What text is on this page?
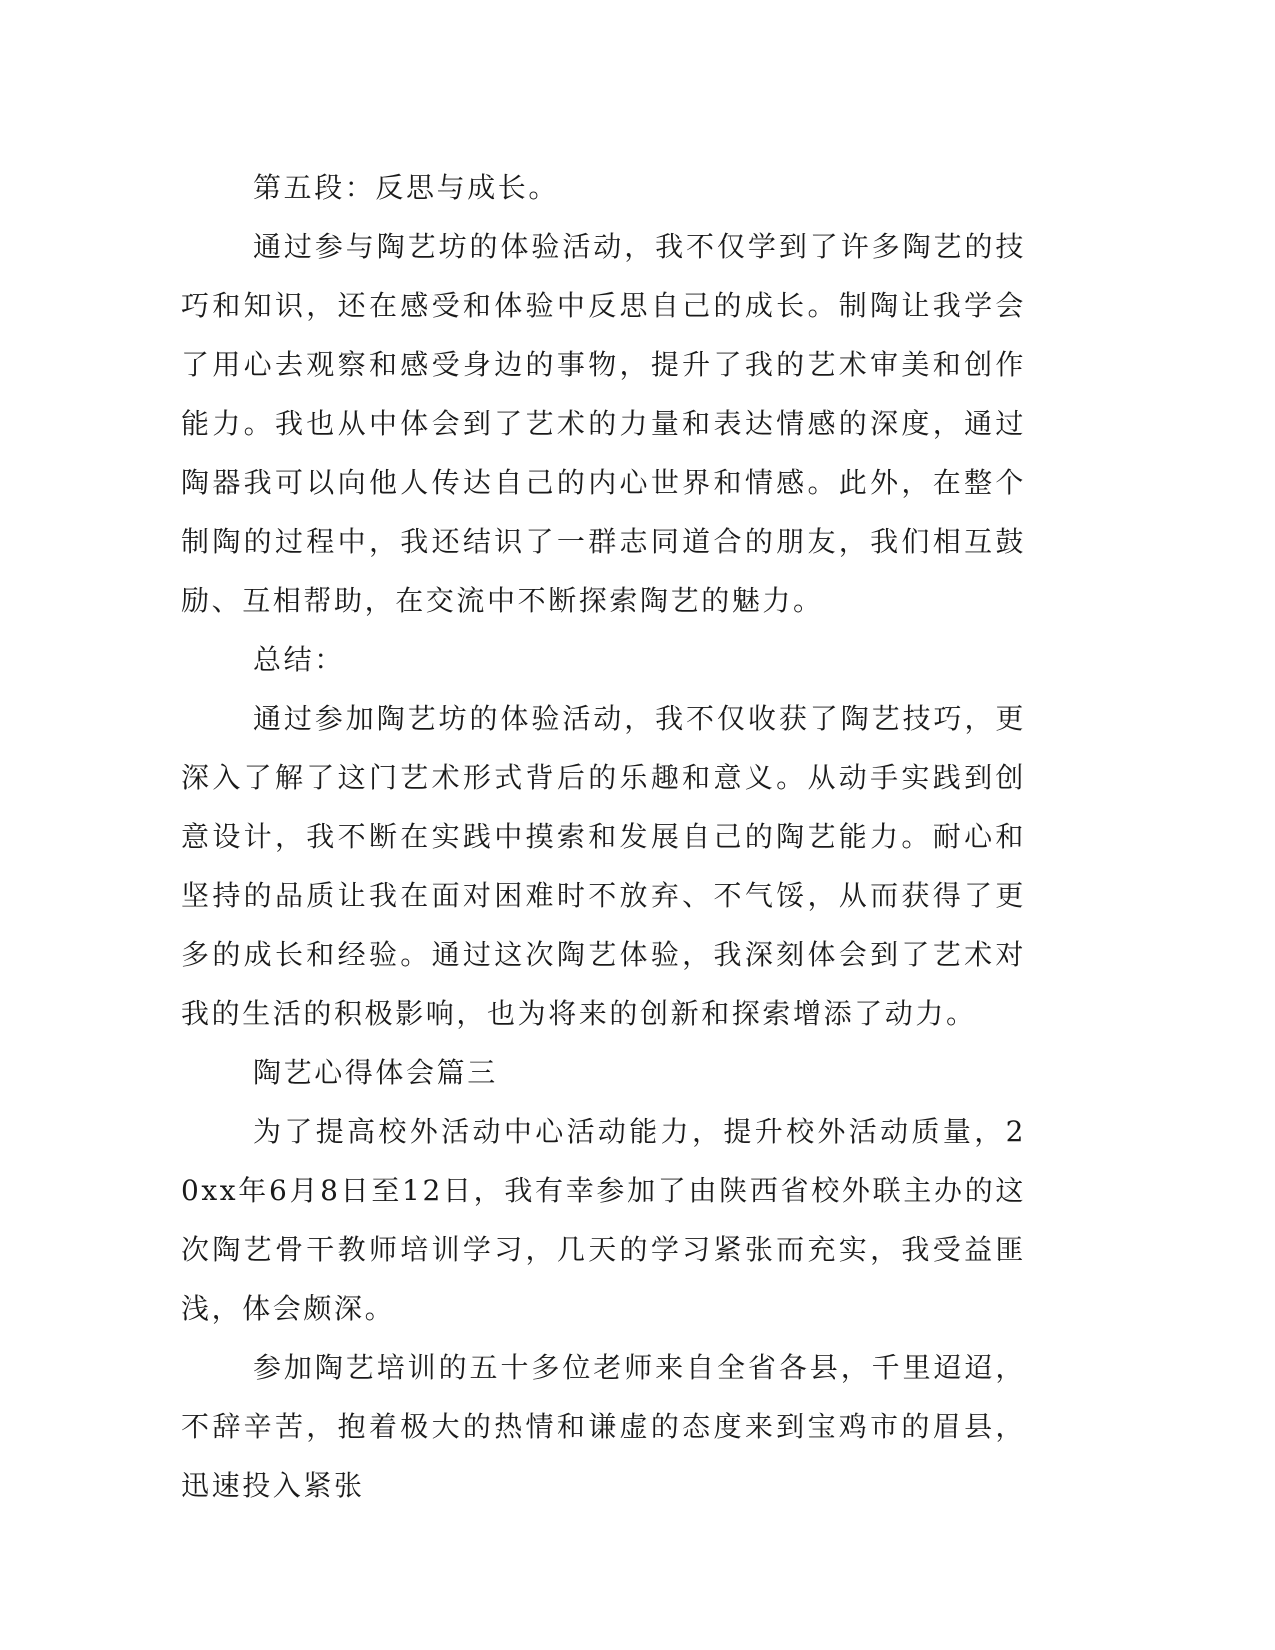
第五段：反思与成长。

通过参与陶艺坊的体验活动，我不仅学到了许多陶艺的技巧和知识，还在感受和体验中反思自己的成长。制陶让我学会了用心去观察和感受身边的事物，提升了我的艺术审美和创作能力。我也从中体会到了艺术的力量和表达情感的深度，通过陶器我可以向他人传达自己的内心世界和情感。此外，在整个制陶的过程中，我还结识了一群志同道合的朋友，我们相互鼓励、互相帮助，在交流中不断探索陶艺的魅力。

总结：

通过参加陶艺坊的体验活动，我不仅收获了陶艺技巧，更深入了解了这门艺术形式背后的乐趣和意义。从动手实践到创意设计，我不断在实践中摸索和发展自己的陶艺能力。耐心和坚持的品质让我在面对困难时不放弃、不气馁，从而获得了更多的成长和经验。通过这次陶艺体验，我深刻体会到了艺术对我的生活的积极影响，也为将来的创新和探索增添了动力。

陶艺心得体会篇三

为了提高校外活动中心活动能力，提升校外活动质量，20xx年6月8日至12日，我有幸参加了由陕西省校外联主办的这次陶艺骨干教师培训学习，几天的学习紧张而充实，我受益匪浅，体会颇深。

参加陶艺培训的五十多位老师来自全省各县，千里迢迢，不辞辛苦，抱着极大的热情和谦虚的态度来到宝鸡市的眉县，迅速投入紧张
